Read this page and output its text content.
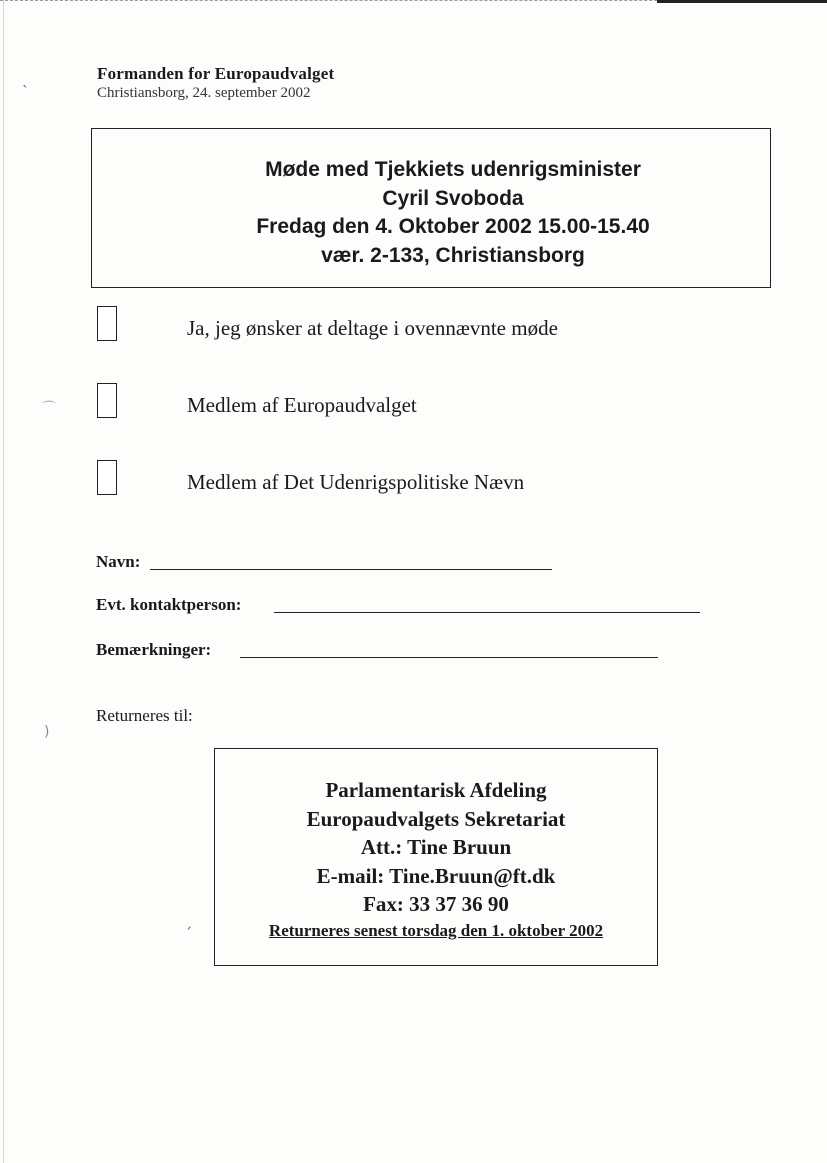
ˎ
⌒
)
ˏ
Formanden for Europaudvalget
Christiansborg, 24. september 2002
Møde med Tjekkiets udenrigsminister
Cyril Svoboda
Fredag den 4. Oktober 2002 15.00-15.40
vær. 2-133, Christiansborg
Ja, jeg ønsker at deltage i ovennævnte møde
Medlem af Europaudvalget
Medlem af Det Udenrigspolitiske Nævn
Navn:
Evt. kontaktperson:
Bemærkninger:
Returneres til:
Parlamentarisk Afdeling
Europaudvalgets Sekretariat
Att.: Tine Bruun
E-mail: Tine.Bruun@ft.dk
Fax: 33 37 36 90
Returneres senest torsdag den 1. oktober 2002
